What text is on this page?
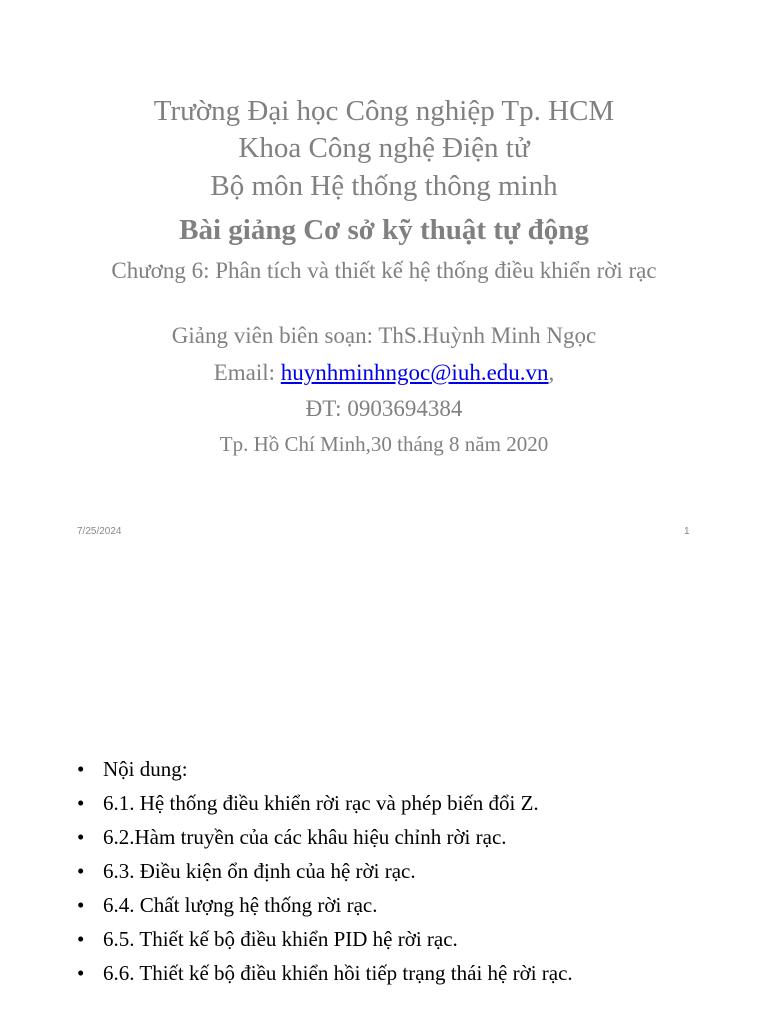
Trường Đại học Công nghiệp Tp. HCM
Khoa Công nghệ Điện tử
Bộ môn Hệ thống thông minh
Bài giảng Cơ sở kỹ thuật tự động
Chương 6: Phân tích và thiết kế hệ thống điều khiển rời rạc
Giảng viên biên soạn: ThS.Huỳnh Minh Ngọc
Email: huynhminhngoc@iuh.edu.vn,
ĐT: 0903694384
Tp. Hồ Chí Minh,30 tháng 8 năm 2020
7/25/2024	1
• Nội dung:
• 6.1. Hệ thống điều khiển rời rạc và phép biến đổi Z.
• 6.2.Hàm truyền của các khâu hiệu chỉnh rời rạc.
• 6.3. Điều kiện ổn định của hệ rời rạc.
• 6.4. Chất lượng hệ thống rời rạc.
• 6.5. Thiết kế bộ điều khiển PID hệ rời rạc.
• 6.6. Thiết kế bộ điều khiển hồi tiếp trạng thái hệ rời rạc.
